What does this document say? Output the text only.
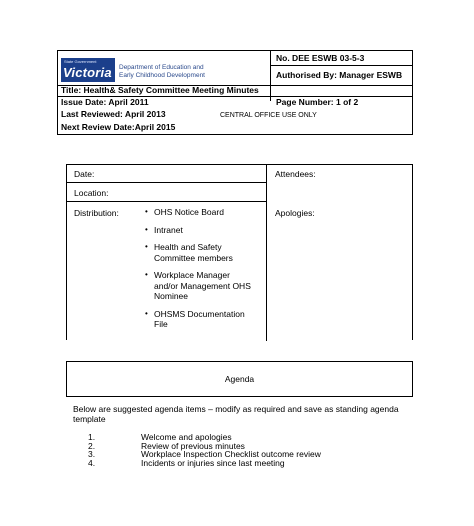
State Government
Victoria Department of Education and
Early Childhood Development
No. DEE ESWB 03-5-3
Authorised By: Manager ESWB
Title: Health& Safety Committee Meeting Minutes
Issue Date: April 2011	Page Number: 1 of 2
Last Reviewed: April 2013	CENTRAL OFFICE USE ONLY
Next Review Date:April 2015
Date:	Attendees:
Location:
Distribution:	Apologies:
• OHS Notice Board
• Intranet
• Health and Safety Committee members
• Workplace Manager and/or Management OHS Nominee
• OHSMS Documentation File
Agenda
Below are suggested agenda items – modify as required and save as standing agenda template
1.	Welcome and apologies
2.	Review of previous minutes
3.	Workplace Inspection Checklist outcome review
4.	Incidents or injuries since last meeting
